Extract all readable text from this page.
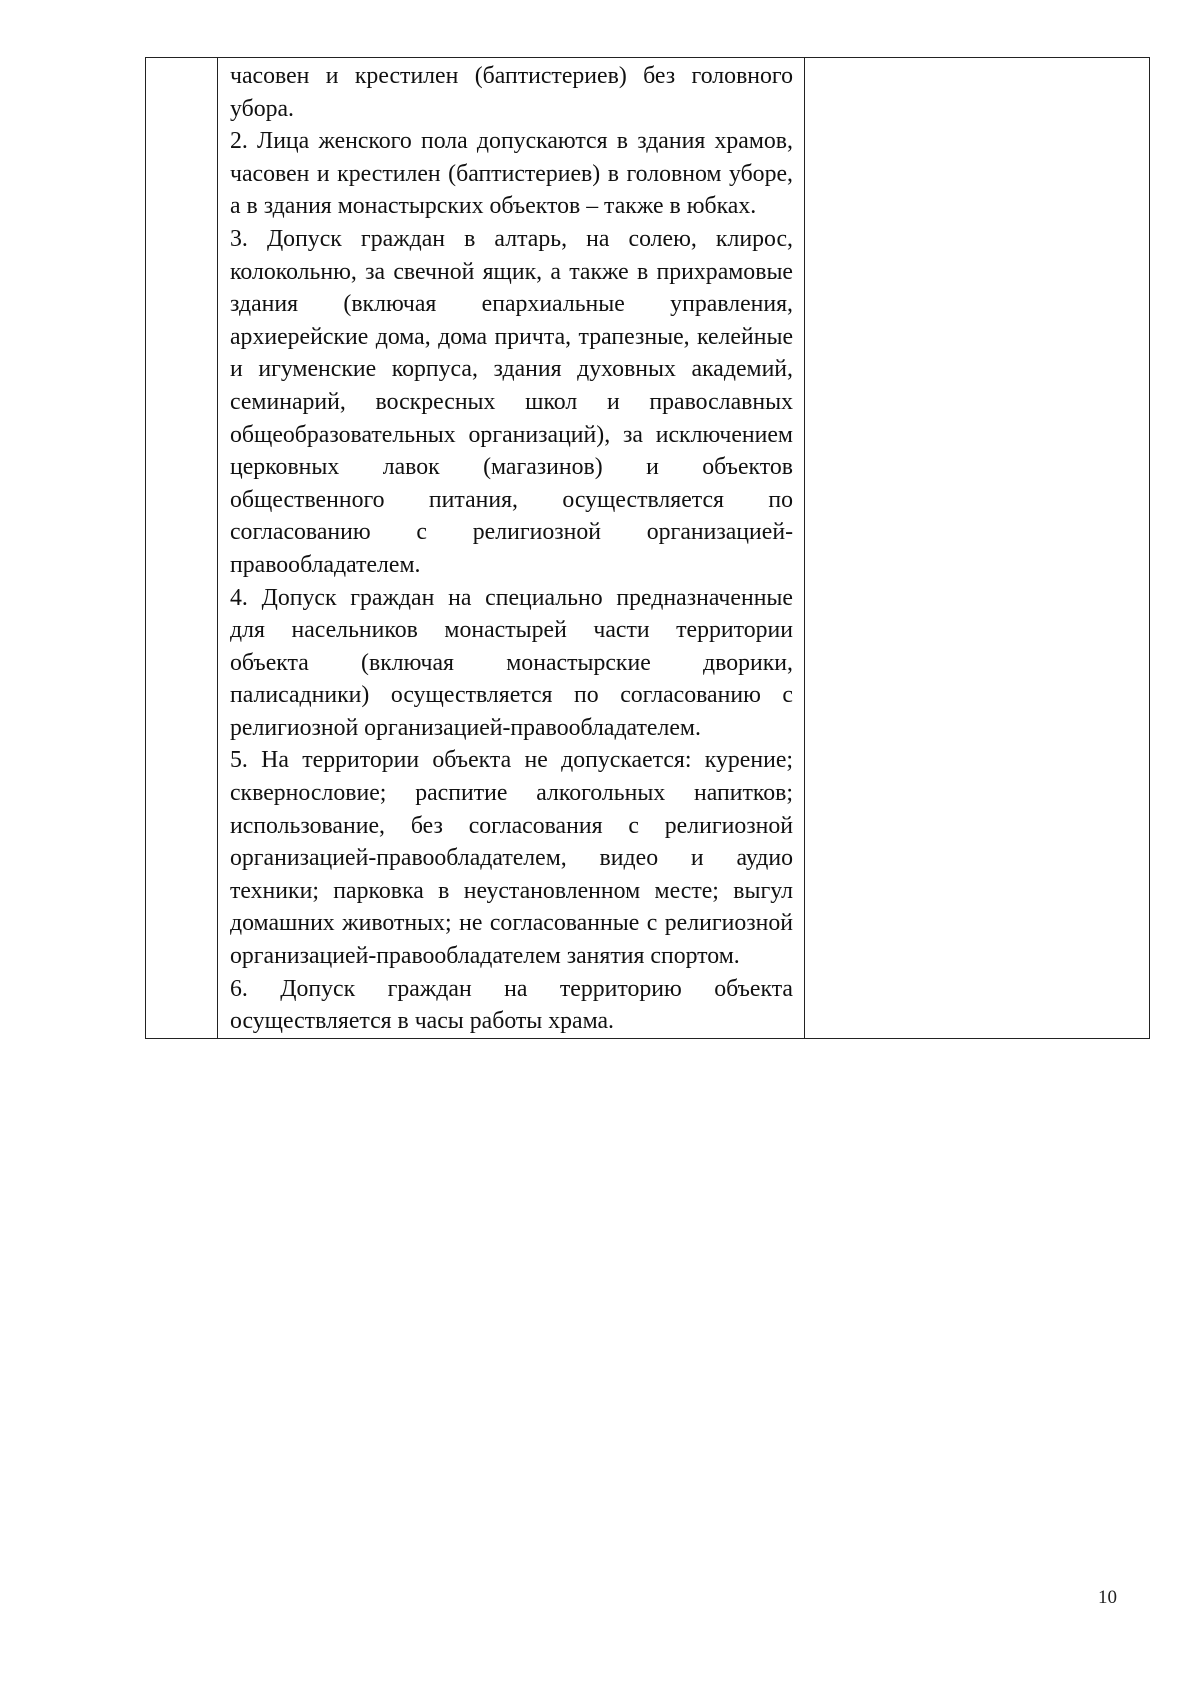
часовен и крестилен (баптистериев) без головного убора.

2. Лица женского пола допускаются в здания храмов, часовен и крестилен (баптистериев) в головном уборе, а в здания монастырских объектов – также в юбках.

3. Допуск граждан в алтарь, на солею, клирос, колокольню, за свечной ящик, а также в прихрамовые здания (включая епархиальные управления, архиерейские дома, дома причта, трапезные, келейные и игуменские корпуса, здания духовных академий, семинарий, воскресных школ и православных общеобразовательных организаций), за исключением церковных лавок (магазинов) и объектов общественного питания, осуществляется по согласованию с религиозной организацией-правообладателем.

4. Допуск граждан на специально предназначенные для насельников монастырей части территории объекта (включая монастырские дворики, палисадники) осуществляется по согласованию с религиозной организацией-правообладателем.

5. На территории объекта не допускается: курение; сквернословие; распитие алкогольных напитков; использование, без согласования с религиозной организацией-правообладателем, видео и аудио техники; парковка в неустановленном месте; выгул домашних животных; не согласованные с религиозной организацией-правообладателем занятия спортом.

6. Допуск граждан на территорию объекта осуществляется в часы работы храма.

10
